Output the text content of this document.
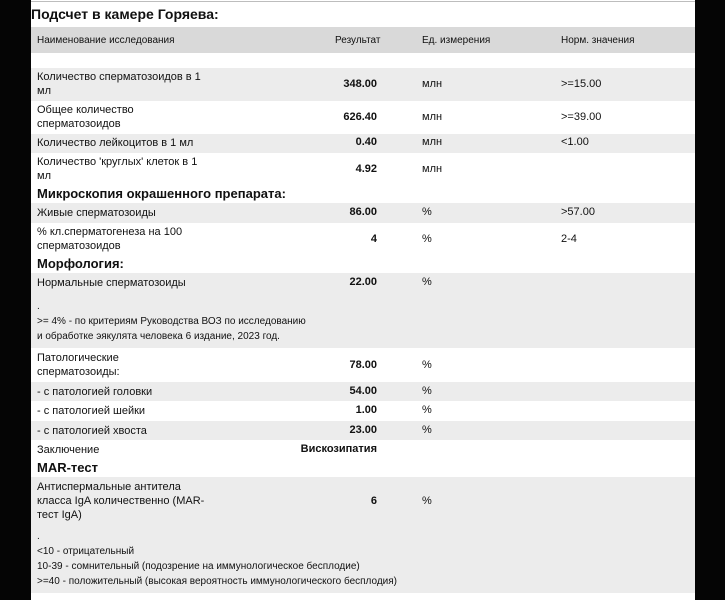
Подсчет в камере Горяева:
Наименование исследования	Результат	Ед. измерения	Норм. значения
Количество сперматозоидов в 1
мл
348.00	млн	>=15.00
Общее количество
сперматозоидов
626.40	млн	>=39.00
Количество лейкоцитов в 1 мл	0.40	млн	<1.00
Количество 'круглых' клеток в 1
мл
4.92	млн
Микроскопия окрашенного препарата:
Живые сперматозоиды	86.00	%	>57.00
% кл.сперматогенеза на 100
сперматозоидов
4	%	2-4
Морфология:
Нормальные сперматозоиды	22.00	%
.
>= 4% - по критериям Руководства ВОЗ по исследованию
и обработке эякулята человека 6 издание, 2023 год.
Патологические
сперматозоиды:
78.00	%
- с патологией головки	54.00	%
- с патологией шейки	1.00	%
- с патологией хвоста	23.00	%
Заключение	Вискозипатия
MAR-тест
Антиспермальные антитела
класса IgA количественно (MAR-
тест IgA)
6	%
.
<10 - отрицательный
10-39 - сомнительный (подозрение на иммунологическое бесплодие)
>=40 - положительный (высокая вероятность иммунологического бесплодия)
